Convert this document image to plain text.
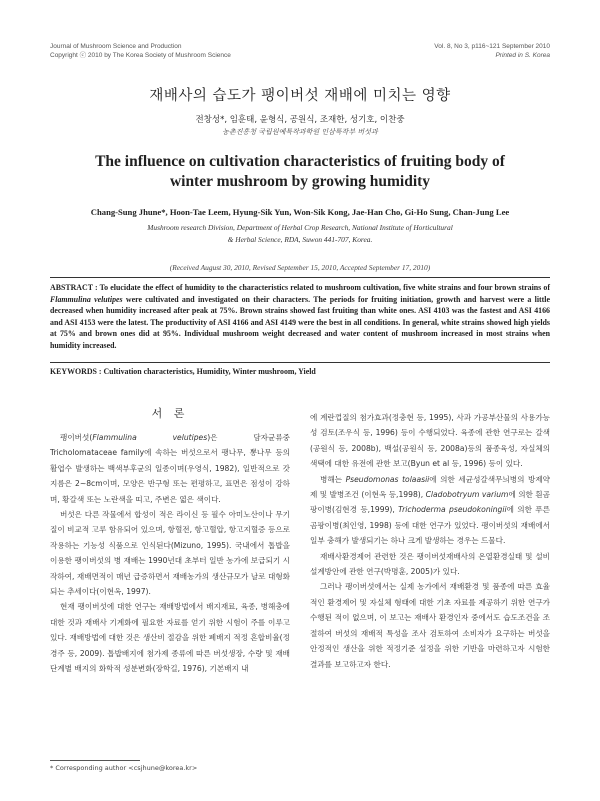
Journal of Mushroom Science and Production
Copyright ⓒ 2010 by The Korea Society of Mushroom Science
Vol. 8, No 3, p116~121 September 2010
Printed in S. Korea
재배사의 습도가 팽이버섯 재배에 미치는 영향
전창성*, 임훈태, 윤형식, 공원식, 조재한, 성기호, 이찬중
농촌진흥청 국립원예특작과학원 인삼특작부 버섯과
The influence on cultivation characteristics of fruiting body of winter mushroom by growing humidity
Chang-Sung Jhune*, Hoon-Tae Leem, Hyung-Sik Yun, Won-Sik Kong, Jae-Han Cho, Gi-Ho Sung, Chan-Jung Lee
Mushroom research Division, Department of Herbal Crop Research, National Institute of Horticultural
& Herbal Science, RDA, Suwon 441-707, Korea.
(Received August 30, 2010, Revised September 15, 2010, Accepted September 17, 2010)
ABSTRACT : To elucidate the effect of humidity to the characteristics related to mushroom cultivation, five white strains and four brown strains of Flammulina velutipes were cultivated and investigated on their characters. The periods for fruiting initiation, growth and harvest were a little decreased when humidity increased after peak at 75%. Brown strains showed fast fruiting than white ones. ASI 4103 was the fastest and ASI 4166 and ASI 4153 were the latest. The productivity of ASI 4166 and ASI 4149 were the best in all conditions. In general, white strains showed high yields at 75% and brown ones did at 95%. Individual mushroom weight decreased and water content of mushroom increased in most strains when humidity increased.
KEYWORDS : Cultivation characteristics, Humidity, Winter mushroom, Yield
서 론

팽이버섯(Flammulina velutipes)은 담자균류중 Tricholomataceae family에 속하는 버섯으로서 팽나무, 뽕나무 등의 활엽수 발생하는 백색부후균의 일종이며(우영식, 1982), 일반적으로 갓 지름은 2~8cm이며, 모양은 반구형 또는 편평하고, 표면은 점성이 강하며, 황갈색 또는 노란색을 띠고, 주변은 엷은 색이다.

버섯은 다른 작물에서 합성이 적은 라이신 등 필수 아미노산이나 무기질이 비교적 고루 함유되어 있으며, 항혈전, 항고혈압, 항고지혈증 등으로 작용하는 기능성 식품으로 인식된다(Mizuno, 1995). 국내에서 톱밥을 이용한 팽이버섯의 병 재배는 1990년대 초부터 일반 농가에 보급되기 시작하여, 재배면적이 매년 급증하면서 재배농가의 생산규모가 날로 대형화되는 추세이다(이현옥, 1997).

현재 팽이버섯에 대한 연구는 재배방법에서 배지재료, 육종, 병해충에 대한 것과 재배사 기계화에 필요한 자료를 얻기 위한 시험이 주를 이루고 있다. 재배방법에 대한 것은 생산비 절감을 위한 폐배지 적정 혼합비율(정경주 등, 2009). 톱밥배지에 첨가제 종류에 따른 버섯생장, 수량 및 재배단계별 배지의 화학적 성분변화(장학길, 1976), 기본배지 내

에 계란껍질의 첨가효과(정충현 등, 1995), 사과 가공부산물의 사용가능성 검토(조우식 등, 1996) 등이 수행되었다. 육종에 관한 연구로는 갈색(공원식 등, 2008b), 백설(공원식 등, 2008a)등의 품종육성, 자실체의 색택에 대한 유전에 관한 보고(Byun et al 등, 1996) 등이 있다.

병해는 Pseudomonas tolaasii에 의한 세균성갈색무늬병의 방제약제 및 발병조건 (이현옥 등,1998), Cladobotryum varium에 의한 흰곰팡이병(김현경 등,1999), Trichoderma pseudokoningii에 의한 푸른곰팡이병(최인영, 1998) 등에 대한 연구가 있었다. 팽이버섯의 재배에서 일부 충해가 발생되기는 하나 크게 발생하는 경우는 드물다.

재배사환경제어 관련한 것은 팽이버섯재배사의 온열환경실태 및 설비설계방안에 관한 연구(박명훈, 2005)가 있다.

그러나 팽이버섯에서는 실제 농가에서 재배환경 및 품종에 따른 효율적인 환경제어 및 자실체 형태에 대한 기초 자료를 제공하기 위한 연구가 수행된 적이 없으며, 이 보고는 재배사 환경인자 중에서도 습도조건을 조절하여 버섯의 재배적 특성을 조사 검토하여 소비자가 요구하는 버섯을 안정적인 생산을 위한 적정기준 설정을 위한 기반을 마련하고자 시험한 결과를 보고하고자 한다.

* Corresponding author <csjhune@korea.kr>
